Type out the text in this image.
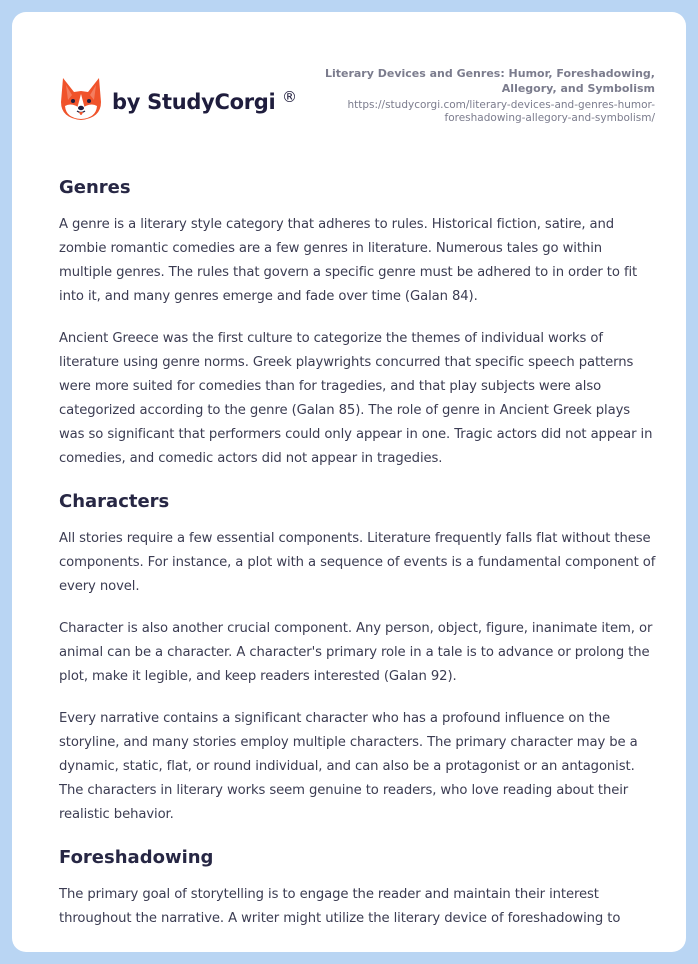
by StudyCorgi ®
Literary Devices and Genres: Humor, Foreshadowing, Allegory, and Symbolism
https://studycorgi.com/literary-devices-and-genres-humor-foreshadowing-allegory-and-symbolism/
Genres

A genre is a literary style category that adheres to rules. Historical fiction, satire, and zombie romantic comedies are a few genres in literature. Numerous tales go within multiple genres. The rules that govern a specific genre must be adhered to in order to fit into it, and many genres emerge and fade over time (Galan 84).

Ancient Greece was the first culture to categorize the themes of individual works of literature using genre norms. Greek playwrights concurred that specific speech patterns were more suited for comedies than for tragedies, and that play subjects were also categorized according to the genre (Galan 85). The role of genre in Ancient Greek plays was so significant that performers could only appear in one. Tragic actors did not appear in comedies, and comedic actors did not appear in tragedies.

Characters

All stories require a few essential components. Literature frequently falls flat without these components. For instance, a plot with a sequence of events is a fundamental component of every novel.

Character is also another crucial component. Any person, object, figure, inanimate item, or animal can be a character. A character's primary role in a tale is to advance or prolong the plot, make it legible, and keep readers interested (Galan 92).

Every narrative contains a significant character who has a profound influence on the storyline, and many stories employ multiple characters. The primary character may be a dynamic, static, flat, or round individual, and can also be a protagonist or an antagonist. The characters in literary works seem genuine to readers, who love reading about their realistic behavior.

Foreshadowing

The primary goal of storytelling is to engage the reader and maintain their interest throughout the narrative. A writer might utilize the literary device of foreshadowing to
